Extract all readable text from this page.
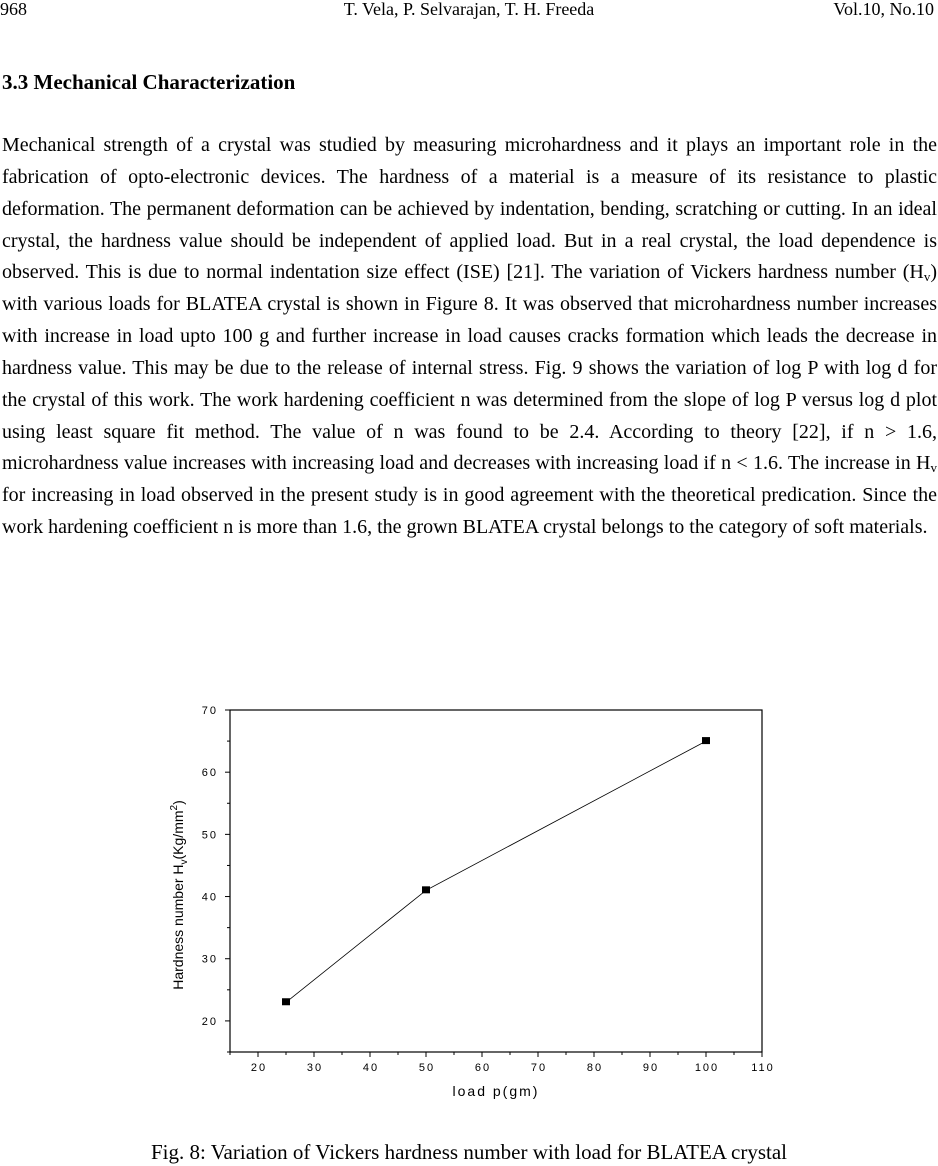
968	T. Vela, P. Selvarajan, T. H. Freeda	Vol.10, No.10
3.3 Mechanical Characterization

Mechanical strength of a crystal was studied by measuring microhardness and it plays an important role in the fabrication of opto-electronic devices. The hardness of a material is a measure of its resistance to plastic deformation. The permanent deformation can be achieved by indentation, bending, scratching or cutting. In an ideal crystal, the hardness value should be independent of applied load. But in a real crystal, the load dependence is observed. This is due to normal indentation size effect (ISE) [21]. The variation of Vickers hardness number $(H_v)$ with various loads for BLATEA crystal is shown in Figure 8. It was observed that microhardness number increases with increase in load upto 100 g and further increase in load causes cracks formation which leads the decrease in hardness value. This may be due to the release of internal stress. Fig. 9 shows the variation of log P with log d for the crystal of this work. The work hardening coefficient n was determined from the slope of log P versus log d plot using least square fit method. The value of n was found to be 2.4. According to theory [22], if n > 1.6, microhardness value increases with increasing load and decreases with increasing load if n < 1.6. The increase in $H_v$ for increasing in load observed in the present study is in good agreement with the theoretical predication. Since the work hardening coefficient n is more than 1.6, the grown BLATEA crystal belongs to the category of soft materials.

20	30	40	50	60	70	80	90	100	110
20
30
40
50
60
70
load p(gm)
Hardness number $H_v(Kg/mm^2)$
Fig. 8: Variation of Vickers hardness number with load for BLATEA crystal
